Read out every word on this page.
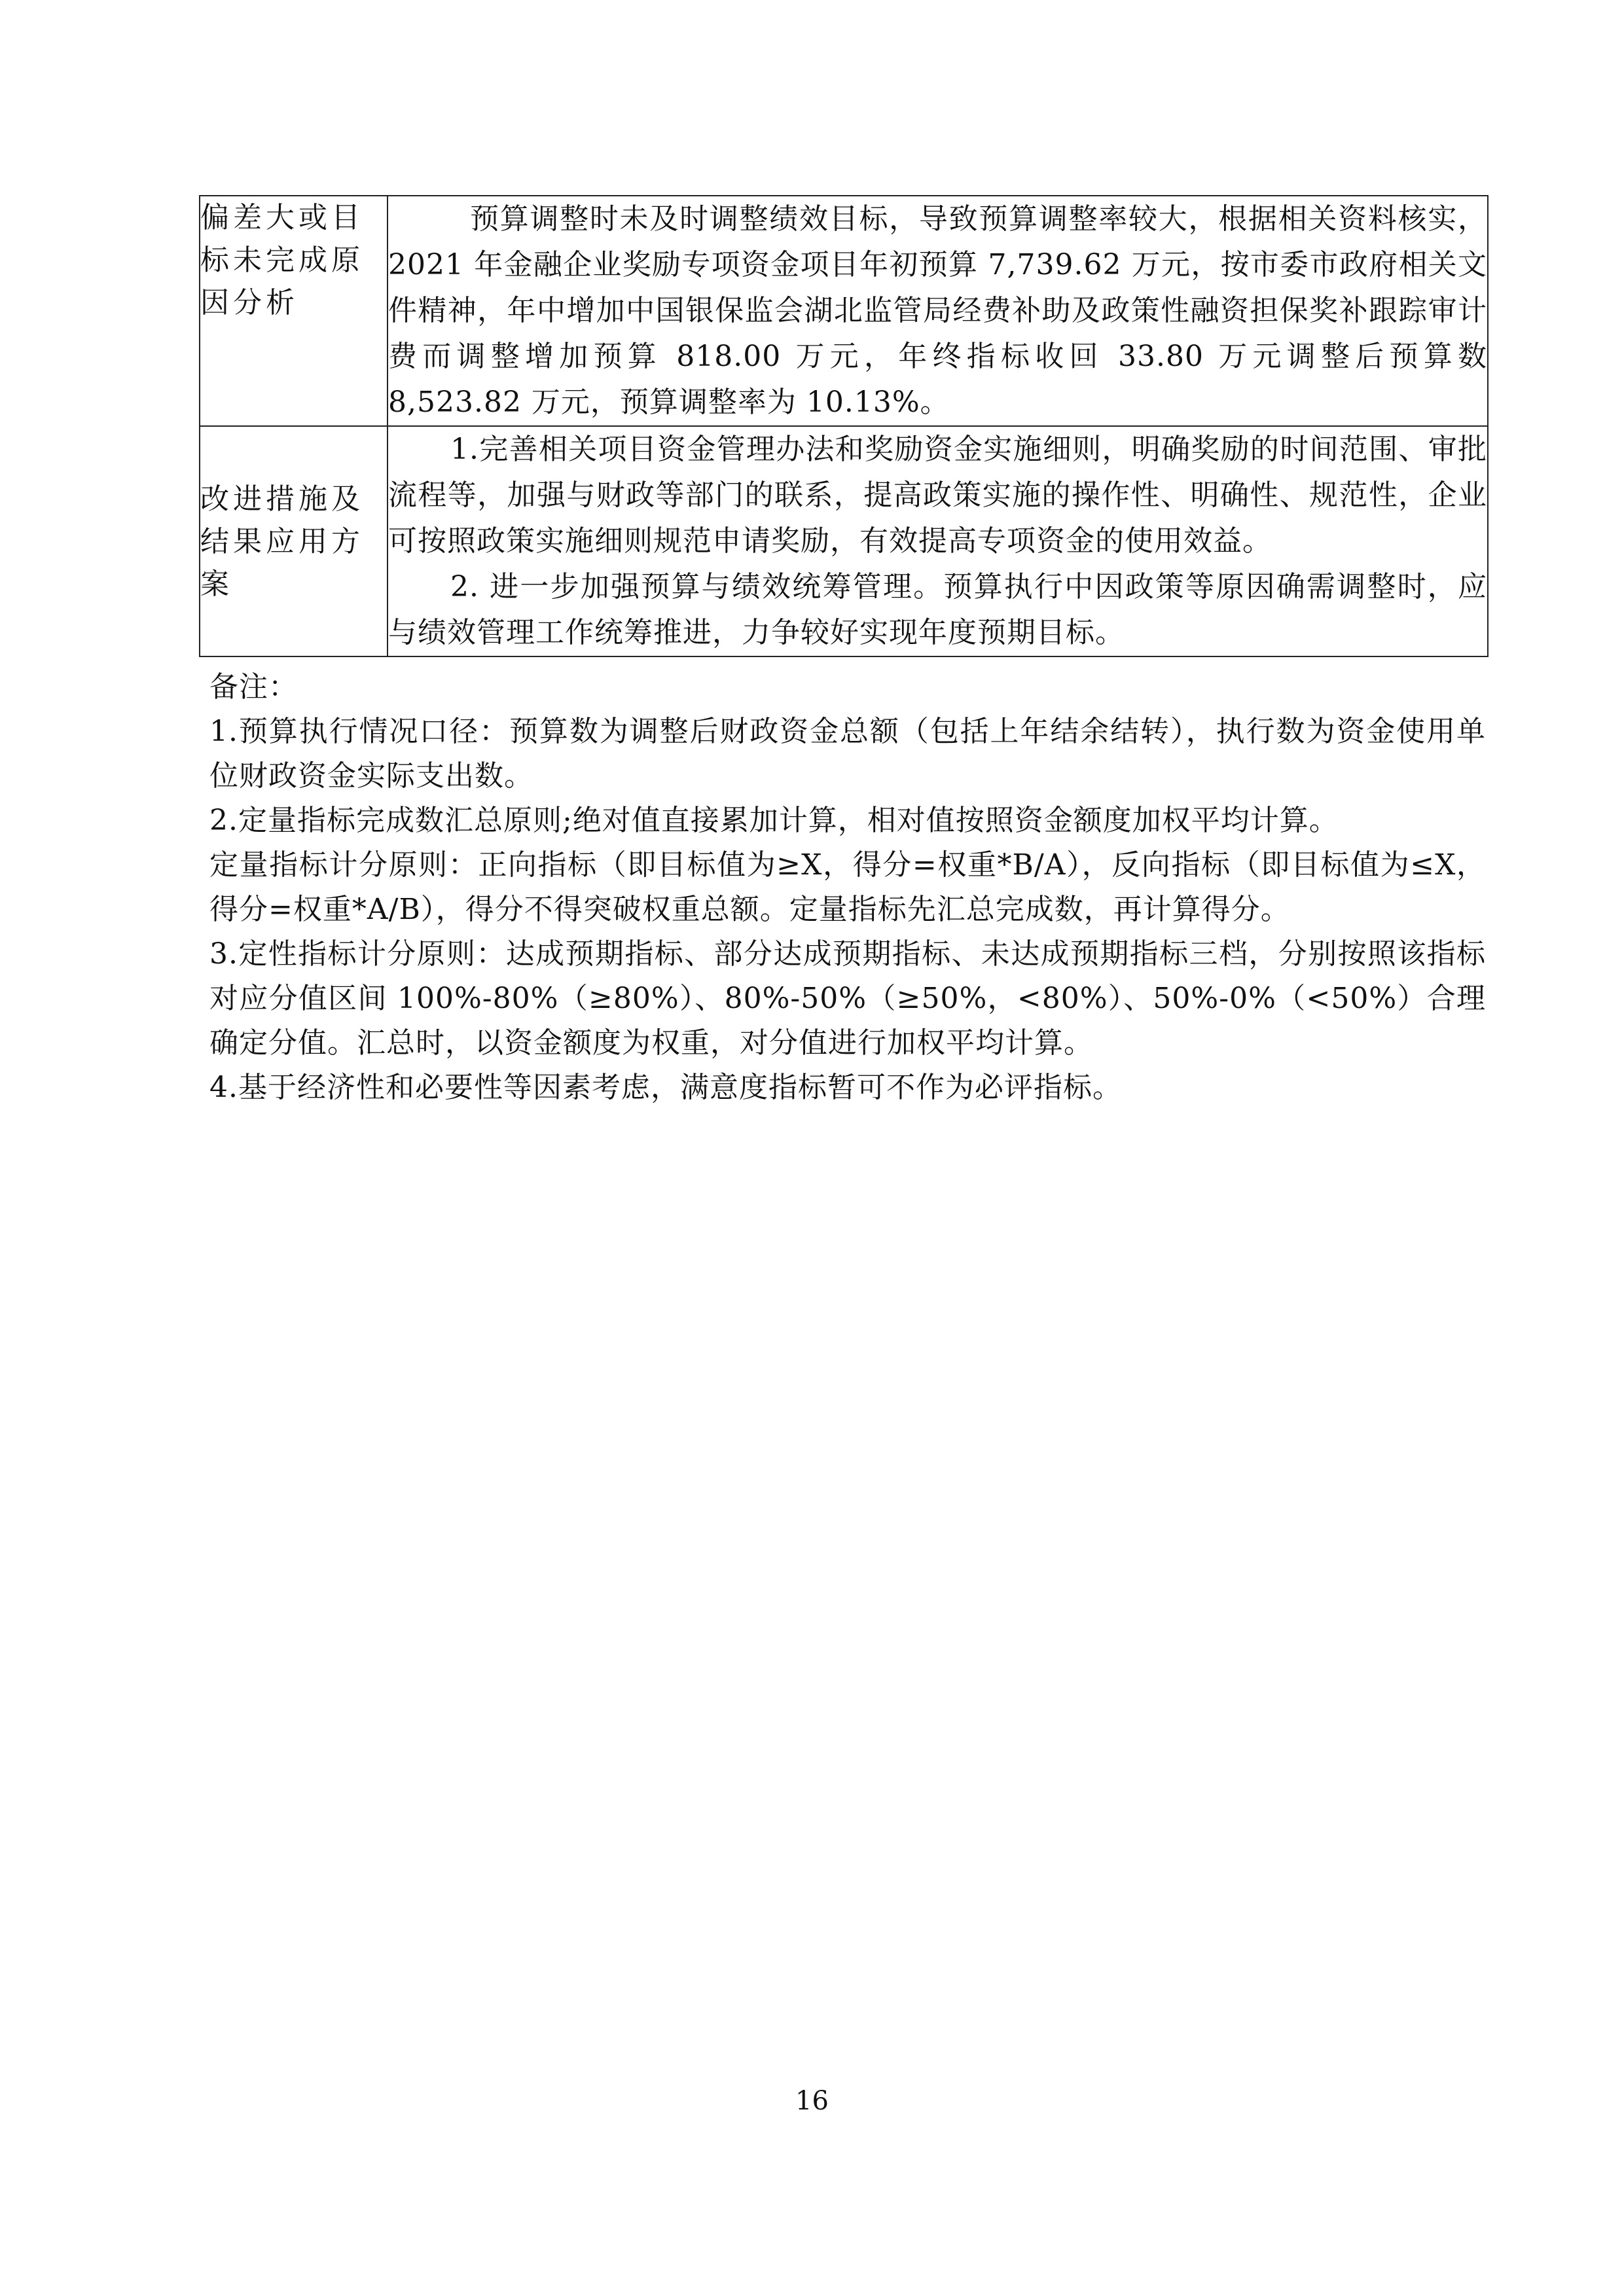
偏差大或目标未完成原因分析	预算调整时未及时调整绩效目标，导致预算调整率较大，根据相关资料核实，2021 年金融企业奖励专项资金项目年初预算 7,739.62 万元，按市委市政府相关文件精神，年中增加中国银保监会湖北监管局经费补助及政策性融资担保奖补跟踪审计费而调整增加预算 818.00 万元，年终指标收回 33.80 万元调整后预算数 8,523.82 万元，预算调整率为 10.13%。

改进措施及结果应用方案	1.完善相关项目资金管理办法和奖励资金实施细则，明确奖励的时间范围、审批流程等，加强与财政等部门的联系，提高政策实施的操作性、明确性、规范性，企业可按照政策实施细则规范申请奖励，有效提高专项资金的使用效益。

2. 进一步加强预算与绩效统筹管理。预算执行中因政策等原因确需调整时，应与绩效管理工作统筹推进，力争较好实现年度预期目标。

备注：

1.预算执行情况口径：预算数为调整后财政资金总额（包括上年结余结转），执行数为资金使用单位财政资金实际支出数。

2.定量指标完成数汇总原则;绝对值直接累加计算，相对值按照资金额度加权平均计算。

定量指标计分原则：正向指标（即目标值为≥X，得分=权重*B/A），反向指标（即目标值为≤X，得分=权重*A/B），得分不得突破权重总额。定量指标先汇总完成数，再计算得分。

3.定性指标计分原则：达成预期指标、部分达成预期指标、未达成预期指标三档，分别按照该指标对应分值区间 100%-80%（≥80%）、80%-50%（≥50%，<80%）、50%-0%（<50%）合理确定分值。汇总时，以资金额度为权重，对分值进行加权平均计算。

4.基于经济性和必要性等因素考虑，满意度指标暂可不作为必评指标。

16
